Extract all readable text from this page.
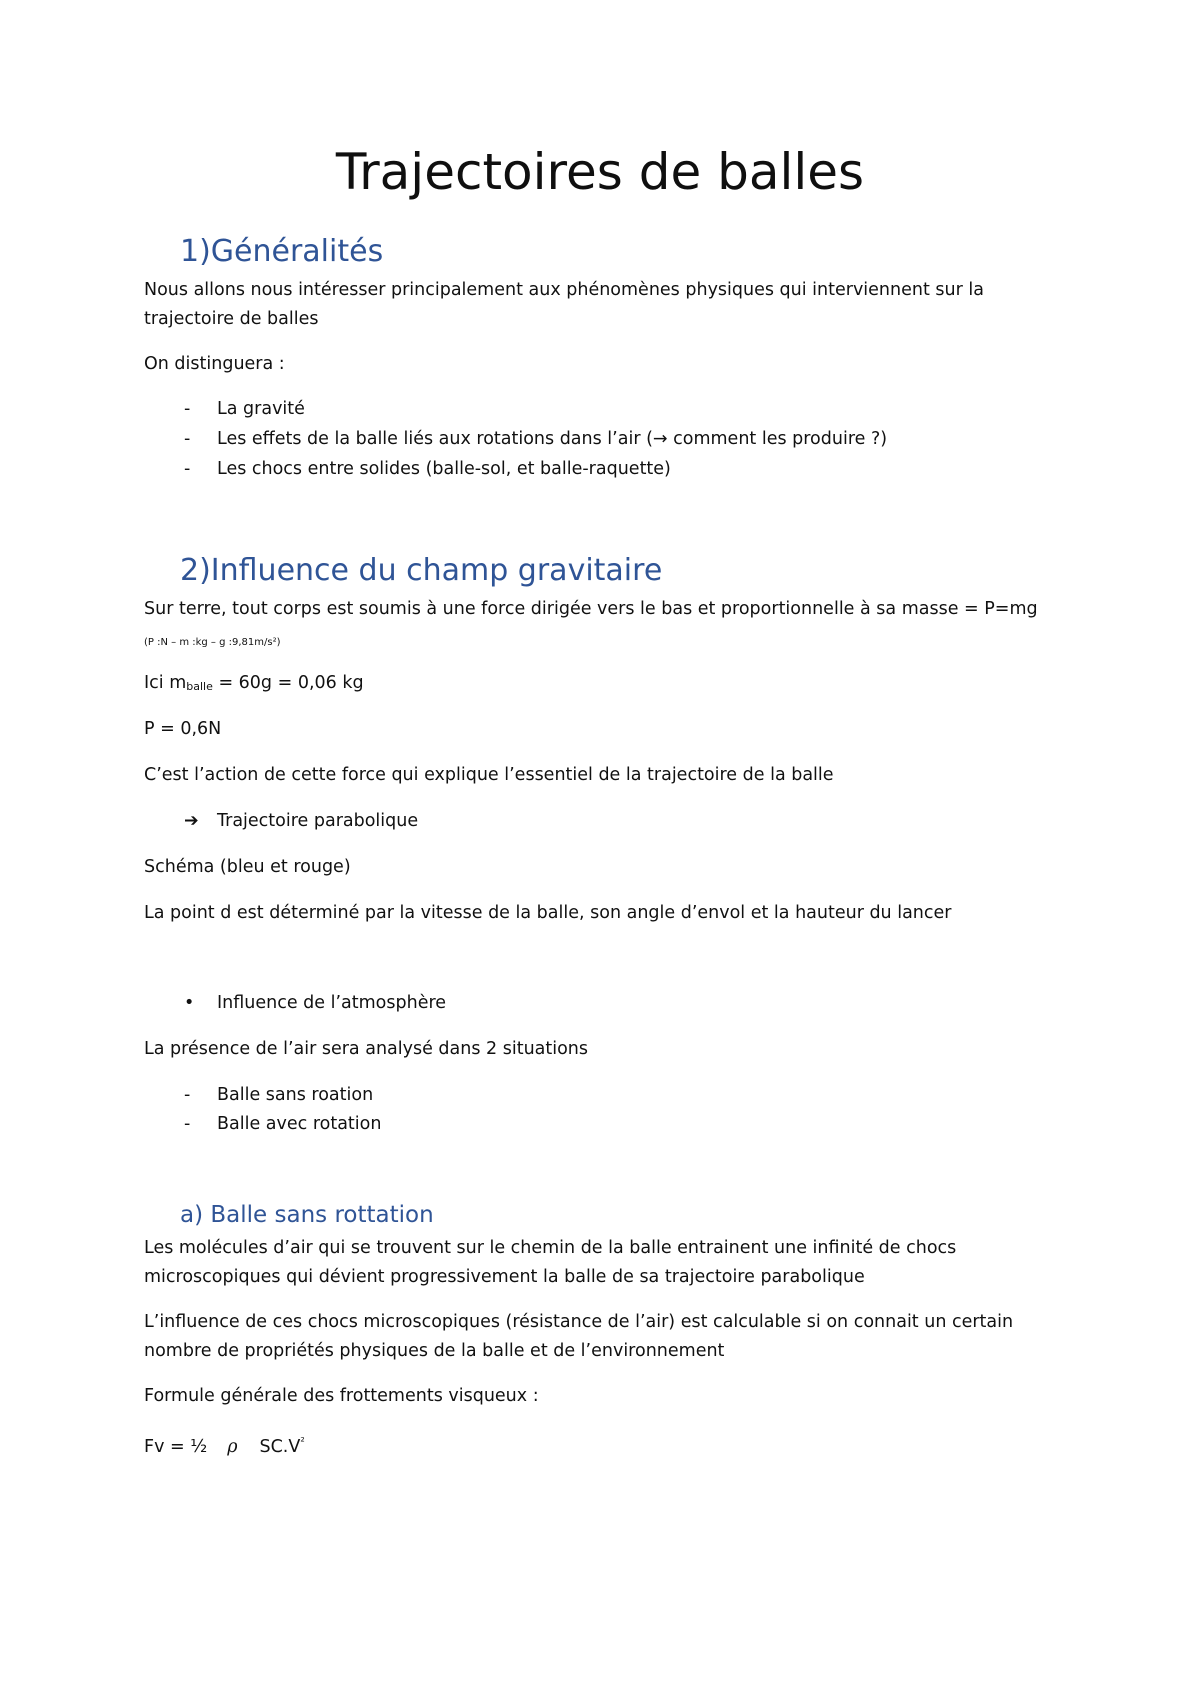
Trajectoires de balles
1)Généralités
Nous allons nous intéresser principalement aux phénomènes physiques qui interviennent sur la
trajectoire de balles
On distinguera :
- La gravité
- Les effets de la balle liés aux rotations dans l’air (→ comment les produire ?)
- Les chocs entre solides (balle-sol, et balle-raquette)
2)Influence du champ gravitaire
Sur terre, tout corps est soumis à une force dirigée vers le bas et proportionnelle à sa masse = P=mg
(P :N – m :kg – g :9,81m/s²)
Ici mballe = 60g = 0,06 kg
P = 0,6N
C’est l’action de cette force qui explique l’essentiel de la trajectoire de la balle
➔ Trajectoire parabolique
Schéma (bleu et rouge)
La point d est déterminé par la vitesse de la balle, son angle d’envol et la hauteur du lancer
• Influence de l’atmosphère
La présence de l’air sera analysé dans 2 situations
- Balle sans roation
- Balle avec rotation
a) Balle sans rottation
Les molécules d’air qui se trouvent sur le chemin de la balle entrainent une infinité de chocs
microscopiques qui dévient progressivement la balle de sa trajectoire parabolique
L’influence de ces chocs microscopiques (résistance de l’air) est calculable si on connait un certain
nombre de propriétés physiques de la balle et de l’environnement
Formule générale des frottements visqueux :
Fv = ½ ρ $SC.V^{^2}$
